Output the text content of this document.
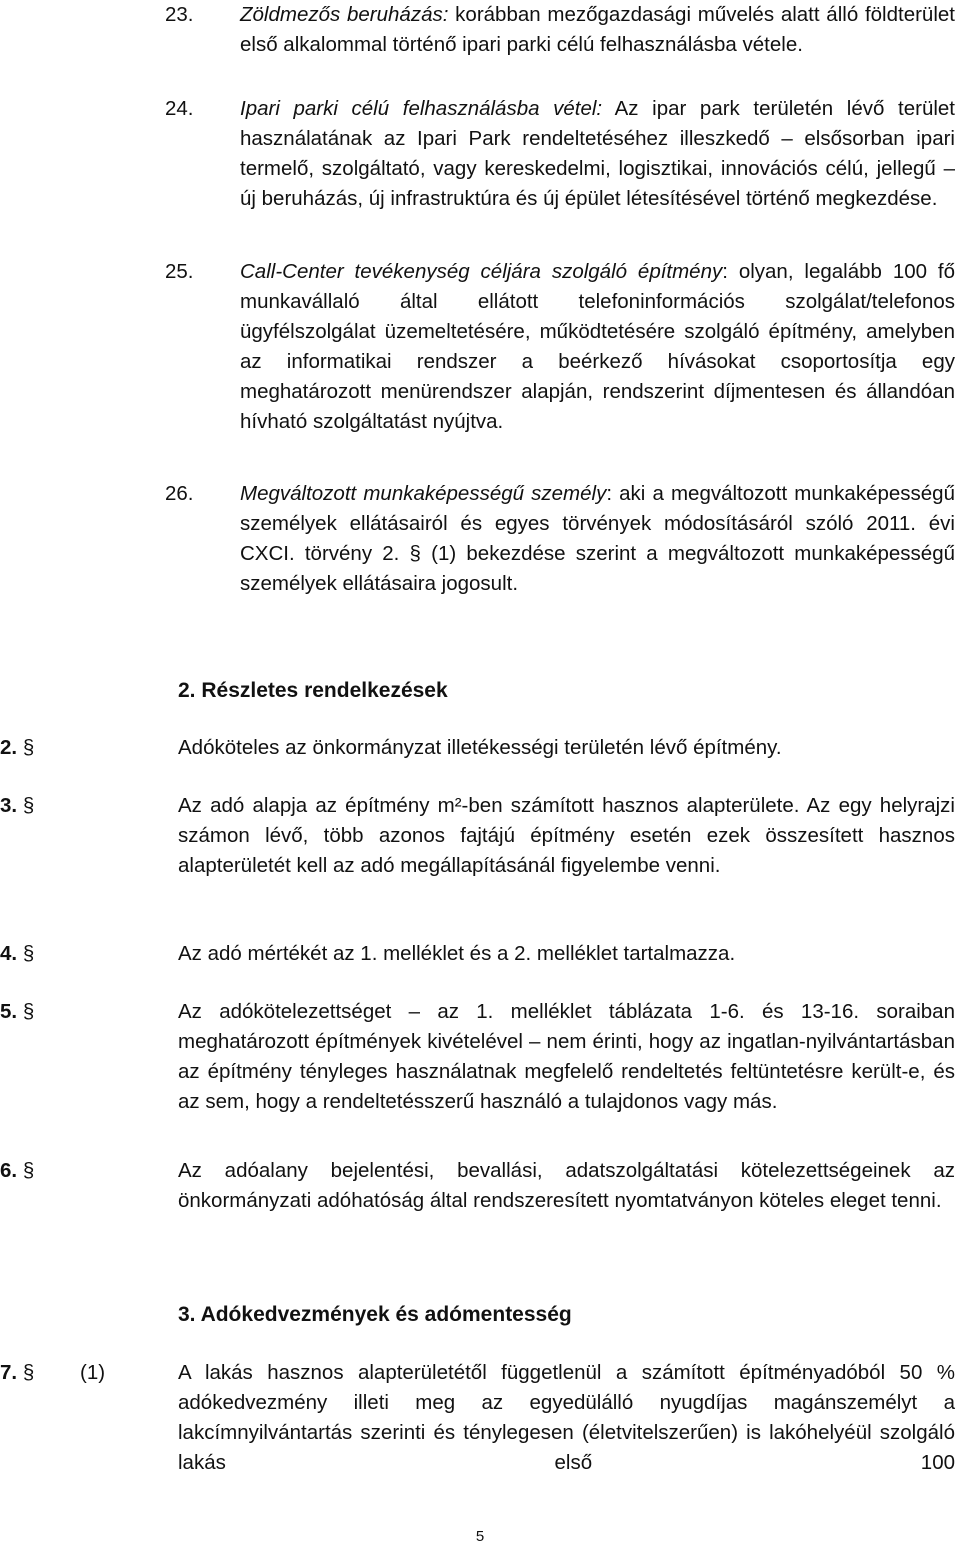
23.	Zöldmezős beruházás: korábban mezőgazdasági művelés alatt álló földterület első alkalommal történő ipari parki célú felhasználásba vétele.
24.	Ipari parki célú felhasználásba vétel: Az ipar park területén lévő terület használatának az Ipari Park rendeltetéséhez illeszkedő – elsősorban ipari termelő, szolgáltató, vagy kereskedelmi, logisztikai, innovációs célú, jellegű – új beruházás, új infrastruktúra és új épület létesítésével történő megkezdése.
25.	Call-Center tevékenység céljára szolgáló építmény: olyan, legalább 100 fő munkavállaló által ellátott telefoninformációs szolgálat/telefonos ügyfélszolgálat üzemeltetésére, működtetésére szolgáló építmény, amelyben az informatikai rendszer a beérkező hívásokat csoportosítja egy meghatározott menürendszer alapján, rendszerint díjmentesen és állandóan hívható szolgáltatást nyújtva.
26.	Megváltozott munkaképességű személy: aki a megváltozott munkaképességű személyek ellátásairól és egyes törvények módosításáról szóló 2011. évi CXCI. törvény 2. § (1) bekezdése szerint a megváltozott munkaképességű személyek ellátásaira jogosult.
2. Részletes rendelkezések
2. §	Adóköteles az önkormányzat illetékességi területén lévő építmény.
3. §	Az adó alapja az építmény m²-ben számított hasznos alapterülete. Az egy helyrajzi számon lévő, több azonos fajtájú építmény esetén ezek összesített hasznos alapterületét kell az adó megállapításánál figyelembe venni.
4. §	Az adó mértékét az 1. melléklet és a 2. melléklet tartalmazza.
5. §	Az adókötelezettséget – az 1. melléklet táblázata 1-6. és 13-16. soraiban meghatározott építmények kivételével – nem érinti, hogy az ingatlan-nyilvántartásban az építmény tényleges használatnak megfelelő rendeltetés feltüntetésre került-e, és az sem, hogy a rendeltetésszerű használó a tulajdonos vagy más.
6. §	Az adóalany bejelentési, bevallási, adatszolgáltatási kötelezettségeinek az önkormányzati adóhatóság által rendszeresített nyomtatványon köteles eleget tenni.
3. Adókedvezmények és adómentesség
7. §	(1)	A lakás hasznos alapterületétől függetlenül a számított építményadóból 50 % adókedvezmény illeti meg az egyedülálló nyugdíjas magánszemélyt a lakcímnyilvántartás szerinti és ténylegesen (életvitelszerűen) is lakóhelyéül szolgáló lakás első 100
5
